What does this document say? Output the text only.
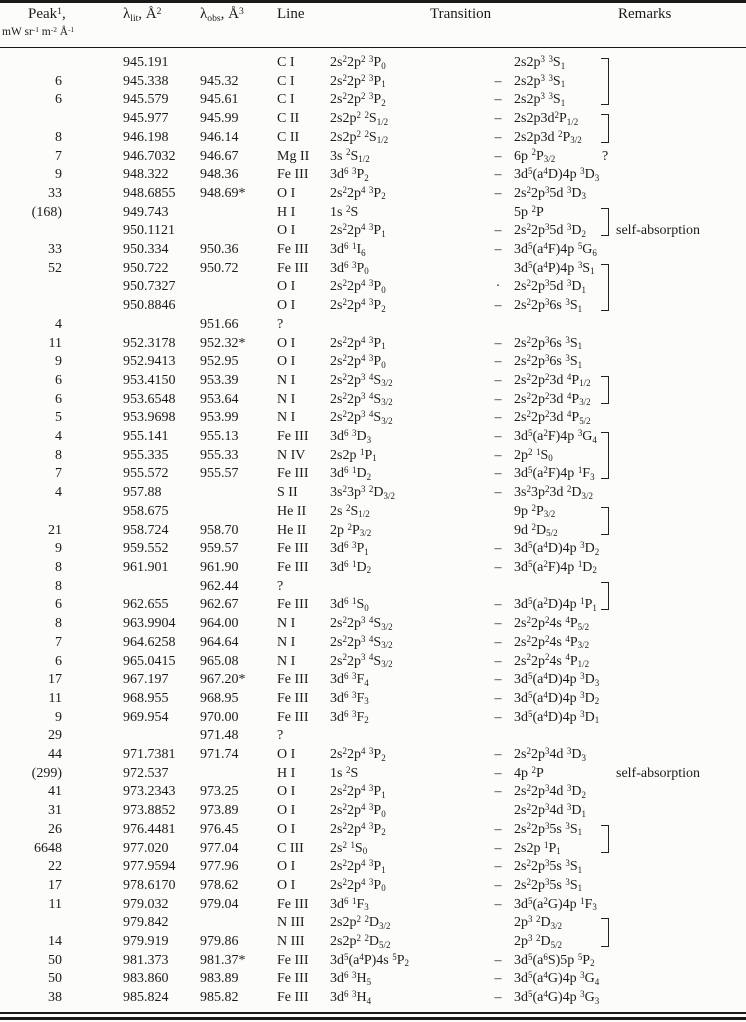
Peak$^1$,
mW $sr^{-1}$ $m^{-2}$ $Å^{-1}$
$\lambda_{lit}$, $Å^2$	$\lambda_{obs}$, $Å^3$ Line	Transition	Remarks
	945.191		C I	$2s^22p^2$ $^3P_0$		$2s2p^3$ $^3S_1$	

6	945.338	945.32	C I	$2s^22p^2$ $^3P_1$	–	$2s2p^3$ $^3S_1$	

6	945.579	945.61	C I	$2s^22p^2$ $^3P_2$	–	$2s2p^3$ $^3S_1$	

	945.977	945.99	C II	$2s2p^2$ $^2S_{1/2}$	–	$2s2p3d^2P_{1/2}$	

8	946.198	946.14	C II	$2s2p^2$ $^2S_{1/2}$	–	2s2p3d $^2P_{3/2}$	

7	946.7032	946.67	Mg II	3s $^2S_{1/2}$	–	6p $^2P_{3/2}$	?
9	948.322	948.36	Fe III	$3d^6$ $^3P_2$	–	$3d^5(a^4D)4p$ $^3D_3$	
33	948.6855	948.69*	O I	$2s^22p^4$ $^3P_2$	–	$2s^22p^35d$ $^3D_3$	
(168)	949.743		H I	1s $^2$S		5p $^2$P	

	950.1121		O I	$2s^22p^4$ $^3P_1$	–	$2s^22p^35d$ $^3D_2$	self-absorption
33	950.334	950.36	Fe III	$3d^6$ $^1I_6$	–	$3d^5(a^4F)4p$ $^5G_6$	
52	950.722	950.72	Fe III	$3d^6$ $^3P_0$		$3d^5(a^4P)4p$ $^3S_1$	

	950.7327		O I	$2s^22p^4$ $^3P_0$	·	$2s^22p^35d$ $^3D_1$	

	950.8846		O I	$2s^22p^4$ $^3P_2$	–	$2s^22p^36s$ $^3S_1$	

4		951.66	?				
11	952.3178	952.32*	O I	$2s^22p^4$ $^3P_1$	–	$2s^22p^36s$ $^3S_1$	
9	952.9413	952.95	O I	$2s^22p^4$ $^3P_0$	–	$2s^22p^36s$ $^3S_1$	
6	953.4150	953.39	N I	$2s^22p^3$ $^4S_{3/2}$	–	$2s^22p^23d$ $^4P_{1/2}$	

6	953.6548	953.64	N I	$2s^22p^3$ $^4S_{3/2}$	–	$2s^22p^23d$ $^4P_{3/2}$	

5	953.9698	953.99	N I	$2s^22p^3$ $^4S_{3/2}$	–	$2s^22p^23d$ $^4P_{5/2}$	
4	955.141	955.13	Fe III	$3d^6$ $^3D_3$	–	$3d^5(a^2F)4p$ $^3G_4$	

8	955.335	955.33	N IV	2s2p $^1P_1$	–	$2p^2$ $^1S_0$	

7	955.572	955.57	Fe III	$3d^6$ $^1D_2$	–	$3d^5(a^2F)4p$ $^1F_3$	

4	957.88		S II	$3s^23p^3$ $^2D_{3/2}$	–	$3s^23p^23d$ $^2D_{3/2}$	
	958.675		He II	2s $^2S_{1/2}$		9p $^2P_{3/2}$	

21	958.724	958.70	He II	2p $^2P_{3/2}$		9d $^2D_{5/2}$	

9	959.552	959.57	Fe III	$3d^6$ $^3P_1$	–	$3d^5(a^4D)4p$ $^3D_2$	
8	961.901	961.90	Fe III	$3d^6$ $^1D_2$	–	$3d^5(a^2F)4p$ $^1D_2$	
8		962.44	?				

6	962.655	962.67	Fe III	$3d^6$ $^1S_0$	–	$3d^5(a^2D)4p$ $^1P_1$	

8	963.9904	964.00	N I	$2s^22p^3$ $^4S_{3/2}$	–	$2s^22p^24s$ $^4P_{5/2}$	
7	964.6258	964.64	N I	$2s^22p^3$ $^4S_{3/2}$	–	$2s^22p^24s$ $^4P_{3/2}$	
6	965.0415	965.08	N I	$2s^22p^3$ $^4S_{3/2}$	–	$2s^22p^24s$ $^4P_{1/2}$	
17	967.197	967.20*	Fe III	$3d^6$ $^3F_4$	–	$3d^5(a^4D)4p$ $^3D_3$	
11	968.955	968.95	Fe III	$3d^6$ $^3F_3$	–	$3d^5(a^4D)4p$ $^3D_2$	
9	969.954	970.00	Fe III	$3d^6$ $^3F_2$	–	$3d^5(a^4D)4p$ $^3D_1$	
29		971.48	?				
44	971.7381	971.74	O I	$2s^22p^4$ $^3P_2$	–	$2s^22p^34d$ $^3D_3$	
(299)	972.537		H I	1s $^2$S	–	4p $^2$P	self-absorption
41	973.2343	973.25	O I	$2s^22p^4$ $^3P_1$	–	$2s^22p^34d$ $^3D_2$	
31	973.8852	973.89	O I	$2s^22p^4$ $^3P_0$		$2s^22p^34d$ $^3D_1$	
26	976.4481	976.45	O I	$2s^22p^4$ $^3P_2$	–	$2s^22p^35s$ $^3S_1$	

6648	977.020	977.04	C III	$2s^2$ $^1S_0$	–	2s2p $^1P_1$	

22	977.9594	977.96	O I	$2s^22p^4$ $^3P_1$	–	$2s^22p^35s$ $^3S_1$	
17	978.6170	978.62	O I	$2s^22p^4$ $^3P_0$	–	$2s^22p^35s$ $^3S_1$	
11	979.032	979.04	Fe III	$3d^6$ $^1F_3$	–	$3d^5(a^2G)4p$ $^1F_3$	
	979.842		N III	$2s2p^2$ $^2D_{3/2}$		$2p^3$ $^2D_{3/2}$	

14	979.919	979.86	N III	$2s2p^2$ $^2D_{5/2}$		$2p^3$ $^2D_{5/2}$	

50	981.373	981.37*	Fe III	$3d^5(a^4P)4s$ $^5P_2$	–	$3d^5(a^6S)5p$ $^5P_2$	
50	983.860	983.89	Fe III	$3d^6$ $^3H_5$	–	$3d^5(a^4G)4p$ $^3G_4$	
38	985.824	985.82	Fe III	$3d^6$ $^3H_4$	–	$3d^5(a^4G)4p$ $^3G_3$	
